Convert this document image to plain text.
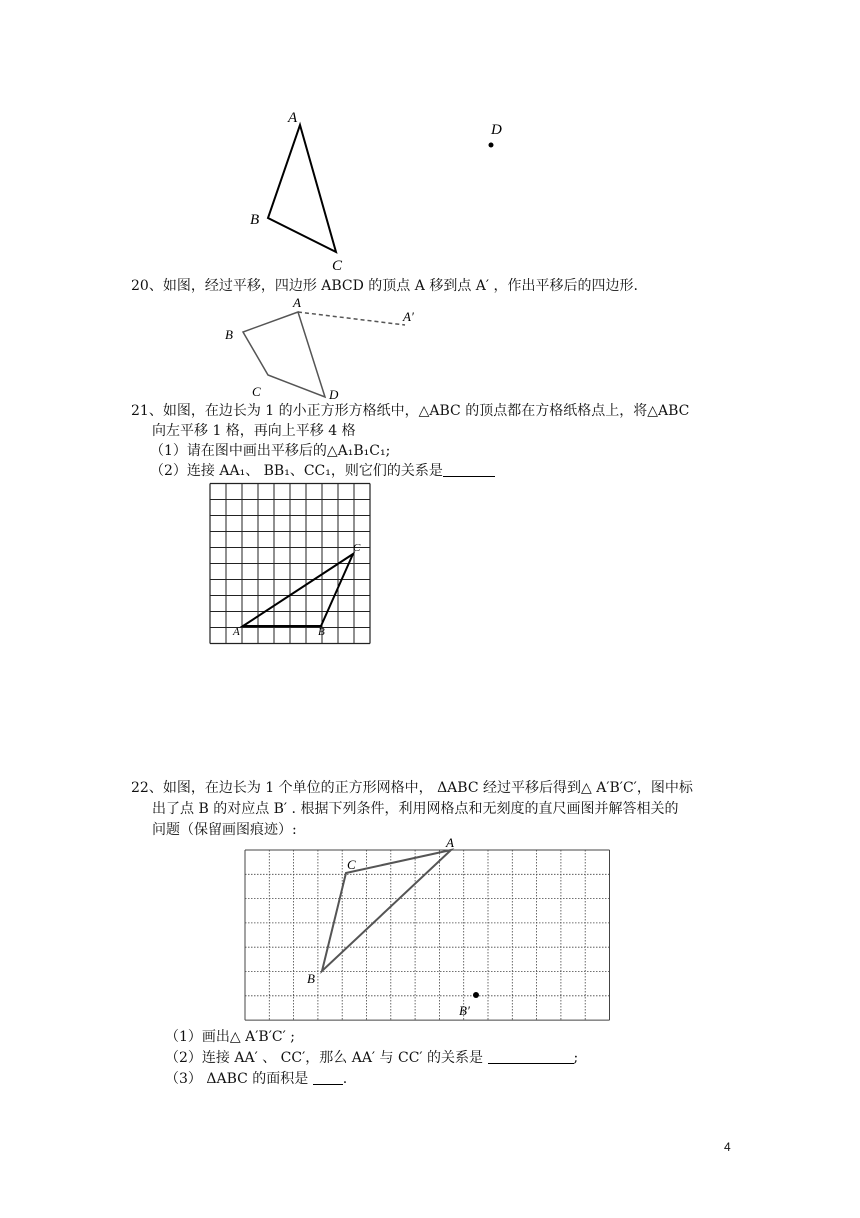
A
B
C
D
20、如图，经过平移，四边形 ABCD 的顶点 A 移到点 A′ ，作出平移后的四边形.
A
B
C	D
A′
21、如图，在边长为 1 的小正方形方格纸中，△ABC 的顶点都在方格纸格点上，将△ABC
向左平移 1 格，再向上平移 4 格
（1）请在图中画出平移后的△A₁B₁C₁;
（2）连接 AA₁、 BB₁、CC₁，则它们的关系是
A	B
C
22、如图，在边长为 1 个单位的正方形网格中， ΔABC 经过平移后得到△ A′B′C′，图中标
出了点 B 的对应点 B′ . 根据下列条件，利用网格点和无刻度的直尺画图并解答相关的
问题（保留画图痕迹）:
A
C
B
B′
（1）画出△ A′B′C′ ;
（2）连接 AA′ 、 CC′，那么 AA′ 与 CC′ 的关系是	;
（3） ΔABC 的面积是 .
4
